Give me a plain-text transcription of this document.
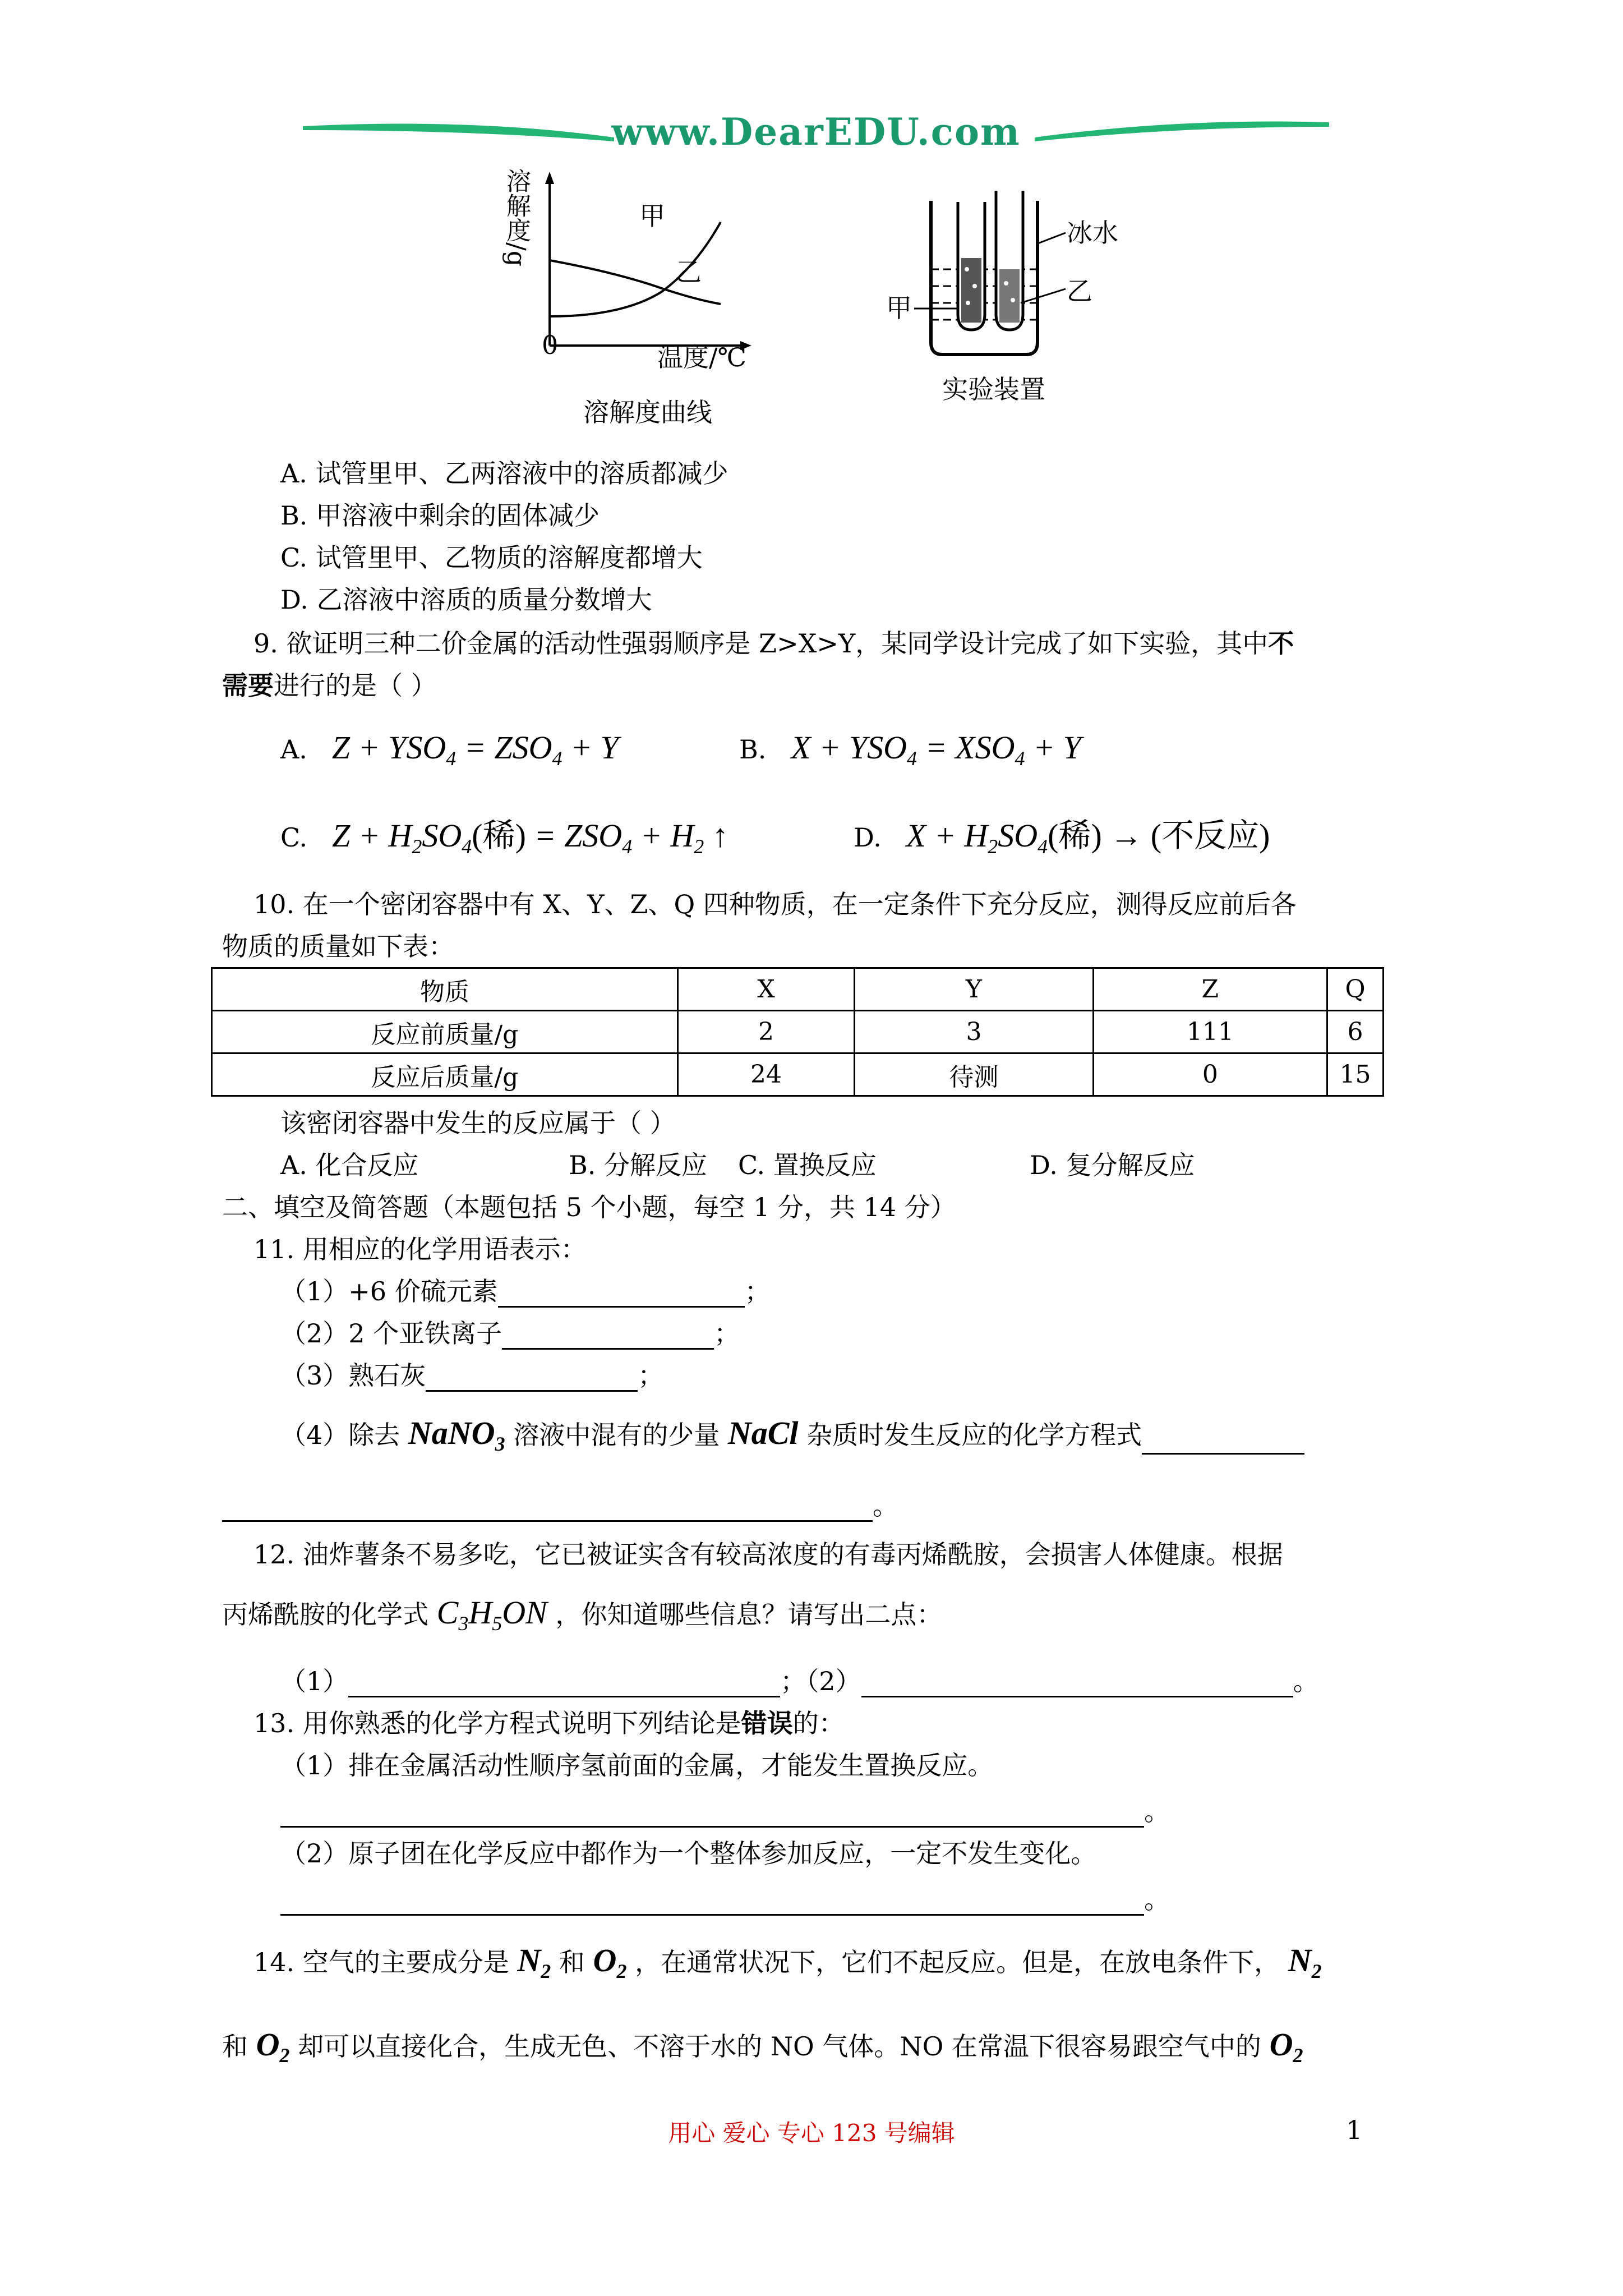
www.DearEDU.com
溶解度/g
0
甲
乙
温度/℃
溶解度曲线
冰水
乙
甲
实验装置
A. 试管里甲、乙两溶液中的溶质都减少
B. 甲溶液中剩余的固体减少
C. 试管里甲、乙物质的溶解度都增大
D. 乙溶液中溶质的质量分数增大
9. 欲证明三种二价金属的活动性强弱顺序是 Z>X>Y，某同学设计完成了如下实验，其中不
需要进行的是（ ）
A. $Z + YSO_4 = ZSO_4 + Y$	B. $X + YSO_4 = XSO_4 + Y$
C. $Z + H_2SO_4$(稀) = $ZSO_4 + H_2$ ↑	D. $X + H_2SO_4$(稀) → (不反应)
10. 在一个密闭容器中有 X、Y、Z、Q 四种物质，在一定条件下充分反应，测得反应前后各
物质的质量如下表：
物质	X	Y	Z	Q
反应前质量/g	2	3	111	6
反应后质量/g	24	待测	0	15
该密闭容器中发生的反应属于（ ）
A. 化合反应	B. 分解反应 C. 置换反应	D. 复分解反应
二、填空及简答题（本题包括 5 个小题，每空 1 分，共 14 分）
11. 用相应的化学用语表示：
（1）+6 价硫元素	；
（2）2 个亚铁离子	；
（3）熟石灰	；
（4）除去 NaNO$_3$ 溶液中混有的少量 NaCl 杂质时发生反应的化学方程式
。
12. 油炸薯条不易多吃，它已被证实含有较高浓度的有毒丙烯酰胺，会损害人体健康。根据
丙烯酰胺的化学式 $C_3H_5ON$ ，你知道哪些信息？请写出二点：
（1）	；（2）	。
13. 用你熟悉的化学方程式说明下列结论是错误的：
（1）排在金属活动性顺序氢前面的金属，才能发生置换反应。
。
（2）原子团在化学反应中都作为一个整体参加反应，一定不发生变化。
。
14. 空气的主要成分是 $N_2$ 和 $O_2$ ，在通常状况下，它们不起反应。但是，在放电条件下， $N_2$
和 $O_2$ 却可以直接化合，生成无色、不溶于水的 NO 气体。NO 在常温下很容易跟空气中的 $O_2$
用心 爱心 专心 123 号编辑	1
